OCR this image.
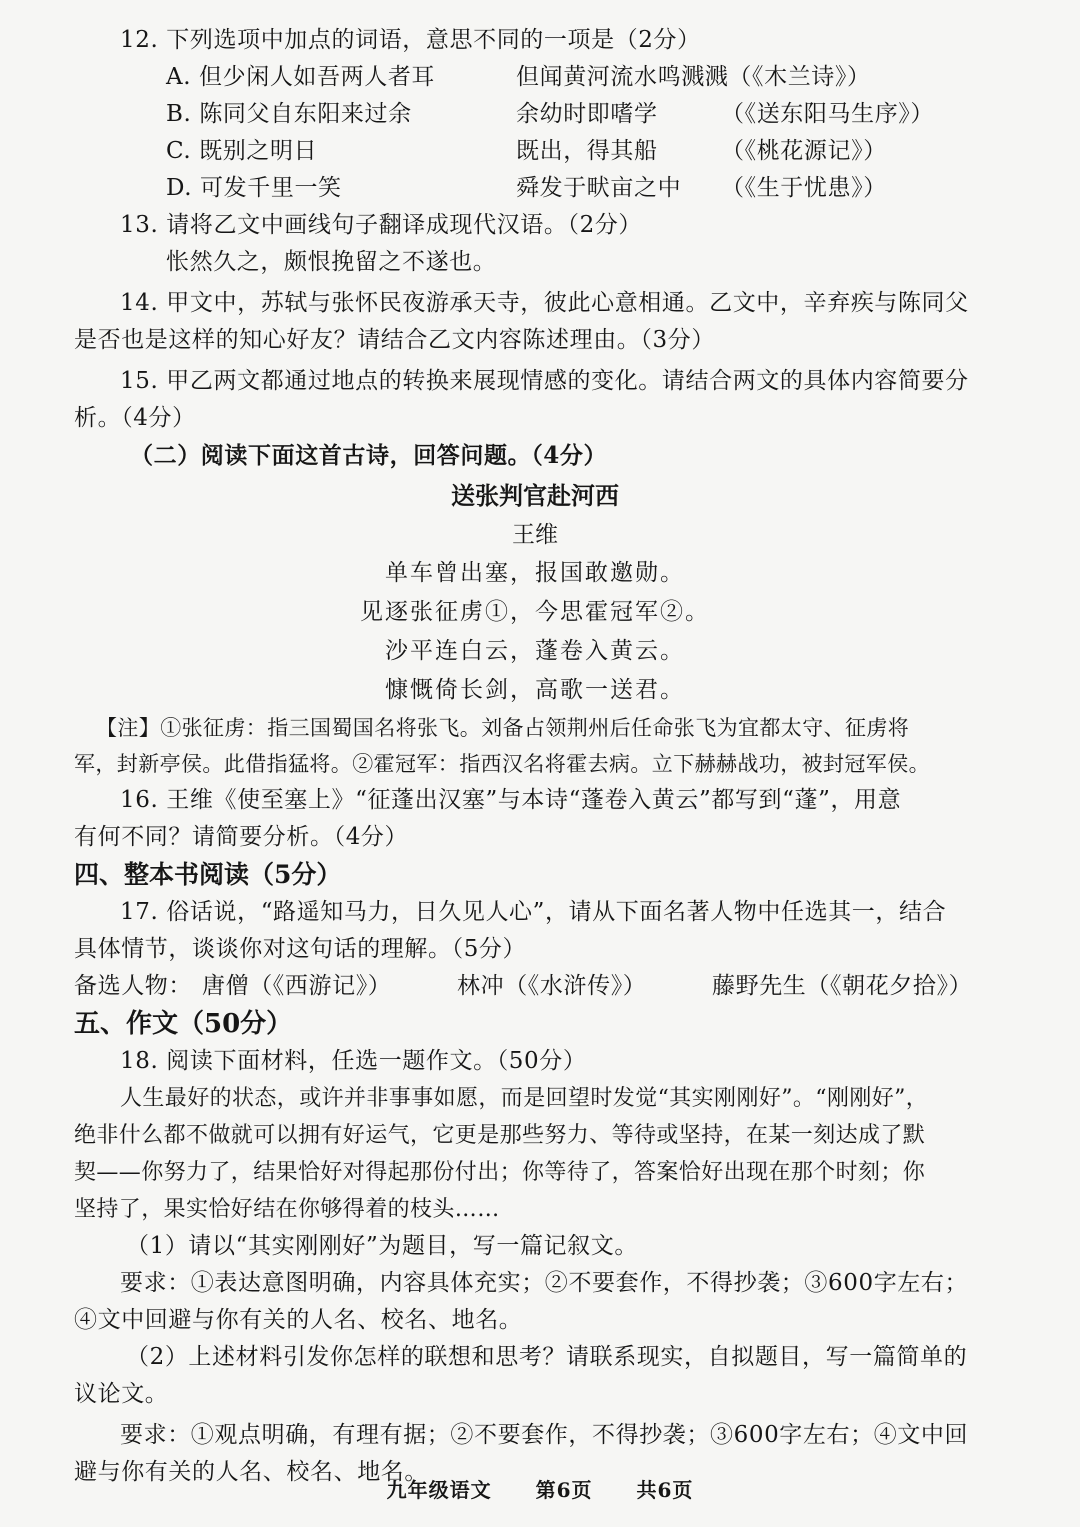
12. 下列选项中加点的词语，意思不同的一项是（2分）
A. 但少闲人如吾两人者耳	但闻黄河流水鸣溅溅 （《木兰诗》）
B. 陈同父自东阳来过余	余幼时即嗜学	（《送东阳马生序》）
C. 既别之明日	既出，得其船	（《桃花源记》）
D. 可发千里一笑	舜发于畎亩之中	（《生于忧患》）
13. 请将乙文中画线句子翻译成现代汉语。（2分）
怅然久之，颇恨挽留之不遂也。
14. 甲文中，苏轼与张怀民夜游承天寺，彼此心意相通。乙文中，辛弃疾与陈同父
是否也是这样的知心好友？请结合乙文内容陈述理由。（3分）
15. 甲乙两文都通过地点的转换来展现情感的变化。请结合两文的具体内容简要分
析。（4分）
（二）阅读下面这首古诗，回答问题。（4分）
送张判官赴河西
王维
单车曾出塞，报国敢邀勋。
见逐张征虏①，今思霍冠军②。
沙平连白云，蓬卷入黄云。
慷慨倚长剑，高歌一送君。
【注】①张征虏：指三国蜀国名将张飞。刘备占领荆州后任命张飞为宜都太守、征虏将
军，封新亭侯。此借指猛将。②霍冠军：指西汉名将霍去病。立下赫赫战功，被封冠军侯。
16. 王维《使至塞上》“征蓬出汉塞”与本诗“蓬卷入黄云”都写到“蓬”，用意
有何不同？请简要分析。（4分）
四、整本书阅读（5分）
17. 俗话说，“路遥知马力，日久见人心”，请从下面名著人物中任选其一，结合
具体情节，谈谈你对这句话的理解。（5分）
备选人物： 唐僧（《西游记》）	林冲（《水浒传》）	藤野先生（《朝花夕拾》）
五、作文（50分）
18. 阅读下面材料，任选一题作文。（50分）
人生最好的状态，或许并非事事如愿，而是回望时发觉“其实刚刚好”。“刚刚好”，
绝非什么都不做就可以拥有好运气，它更是那些努力、等待或坚持，在某一刻达成了默
契——你努力了，结果恰好对得起那份付出；你等待了，答案恰好出现在那个时刻；你
坚持了，果实恰好结在你够得着的枝头……
（1）请以“其实刚刚好”为题目，写一篇记叙文。
要求：①表达意图明确，内容具体充实；②不要套作，不得抄袭；③600字左右；
④文中回避与你有关的人名、校名、地名。
（2）上述材料引发你怎样的联想和思考？请联系现实，自拟题目，写一篇简单的
议论文。
要求：①观点明确，有理有据；②不要套作，不得抄袭；③600字左右；④文中回
避与你有关的人名、校名、地名。
九年级语文 第6页 共6页
